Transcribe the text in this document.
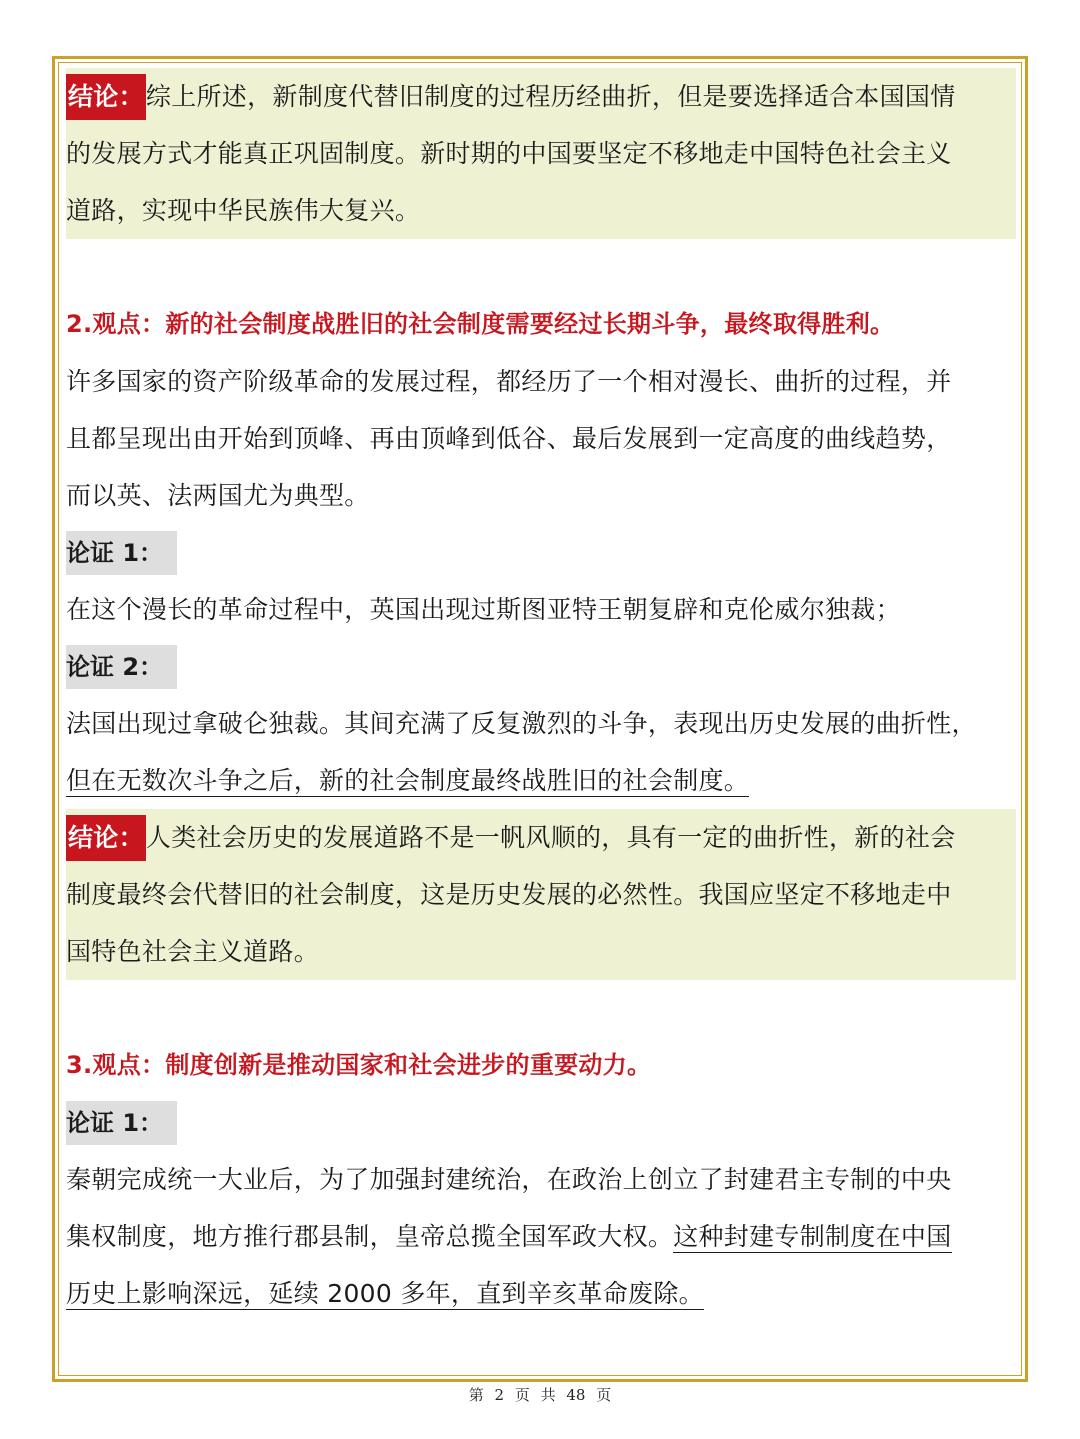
结论：综上所述，新制度代替旧制度的过程历经曲折，但是要选择适合本国国情
的发展方式才能真正巩固制度。新时期的中国要坚定不移地走中国特色社会主义
道路，实现中华民族伟大复兴。
2.观点：新的社会制度战胜旧的社会制度需要经过长期斗争，最终取得胜利。
许多国家的资产阶级革命的发展过程，都经历了一个相对漫长、曲折的过程，并
且都呈现出由开始到顶峰、再由顶峰到低谷、最后发展到一定高度的曲线趋势，
而以英、法两国尤为典型。
论证 1：
在这个漫长的革命过程中，英国出现过斯图亚特王朝复辟和克伦威尔独裁；
论证 2：
法国出现过拿破仑独裁。其间充满了反复激烈的斗争，表现出历史发展的曲折性，
但在无数次斗争之后，新的社会制度最终战胜旧的社会制度。
结论：人类社会历史的发展道路不是一帆风顺的，具有一定的曲折性，新的社会
制度最终会代替旧的社会制度，这是历史发展的必然性。我国应坚定不移地走中
国特色社会主义道路。
3.观点：制度创新是推动国家和社会进步的重要动力。
论证 1：
秦朝完成统一大业后，为了加强封建统治，在政治上创立了封建君主专制的中央
集权制度，地方推行郡县制，皇帝总揽全国军政大权。这种封建专制制度在中国
历史上影响深远，延续 2000 多年，直到辛亥革命废除。
第 2 页 共 48 页
